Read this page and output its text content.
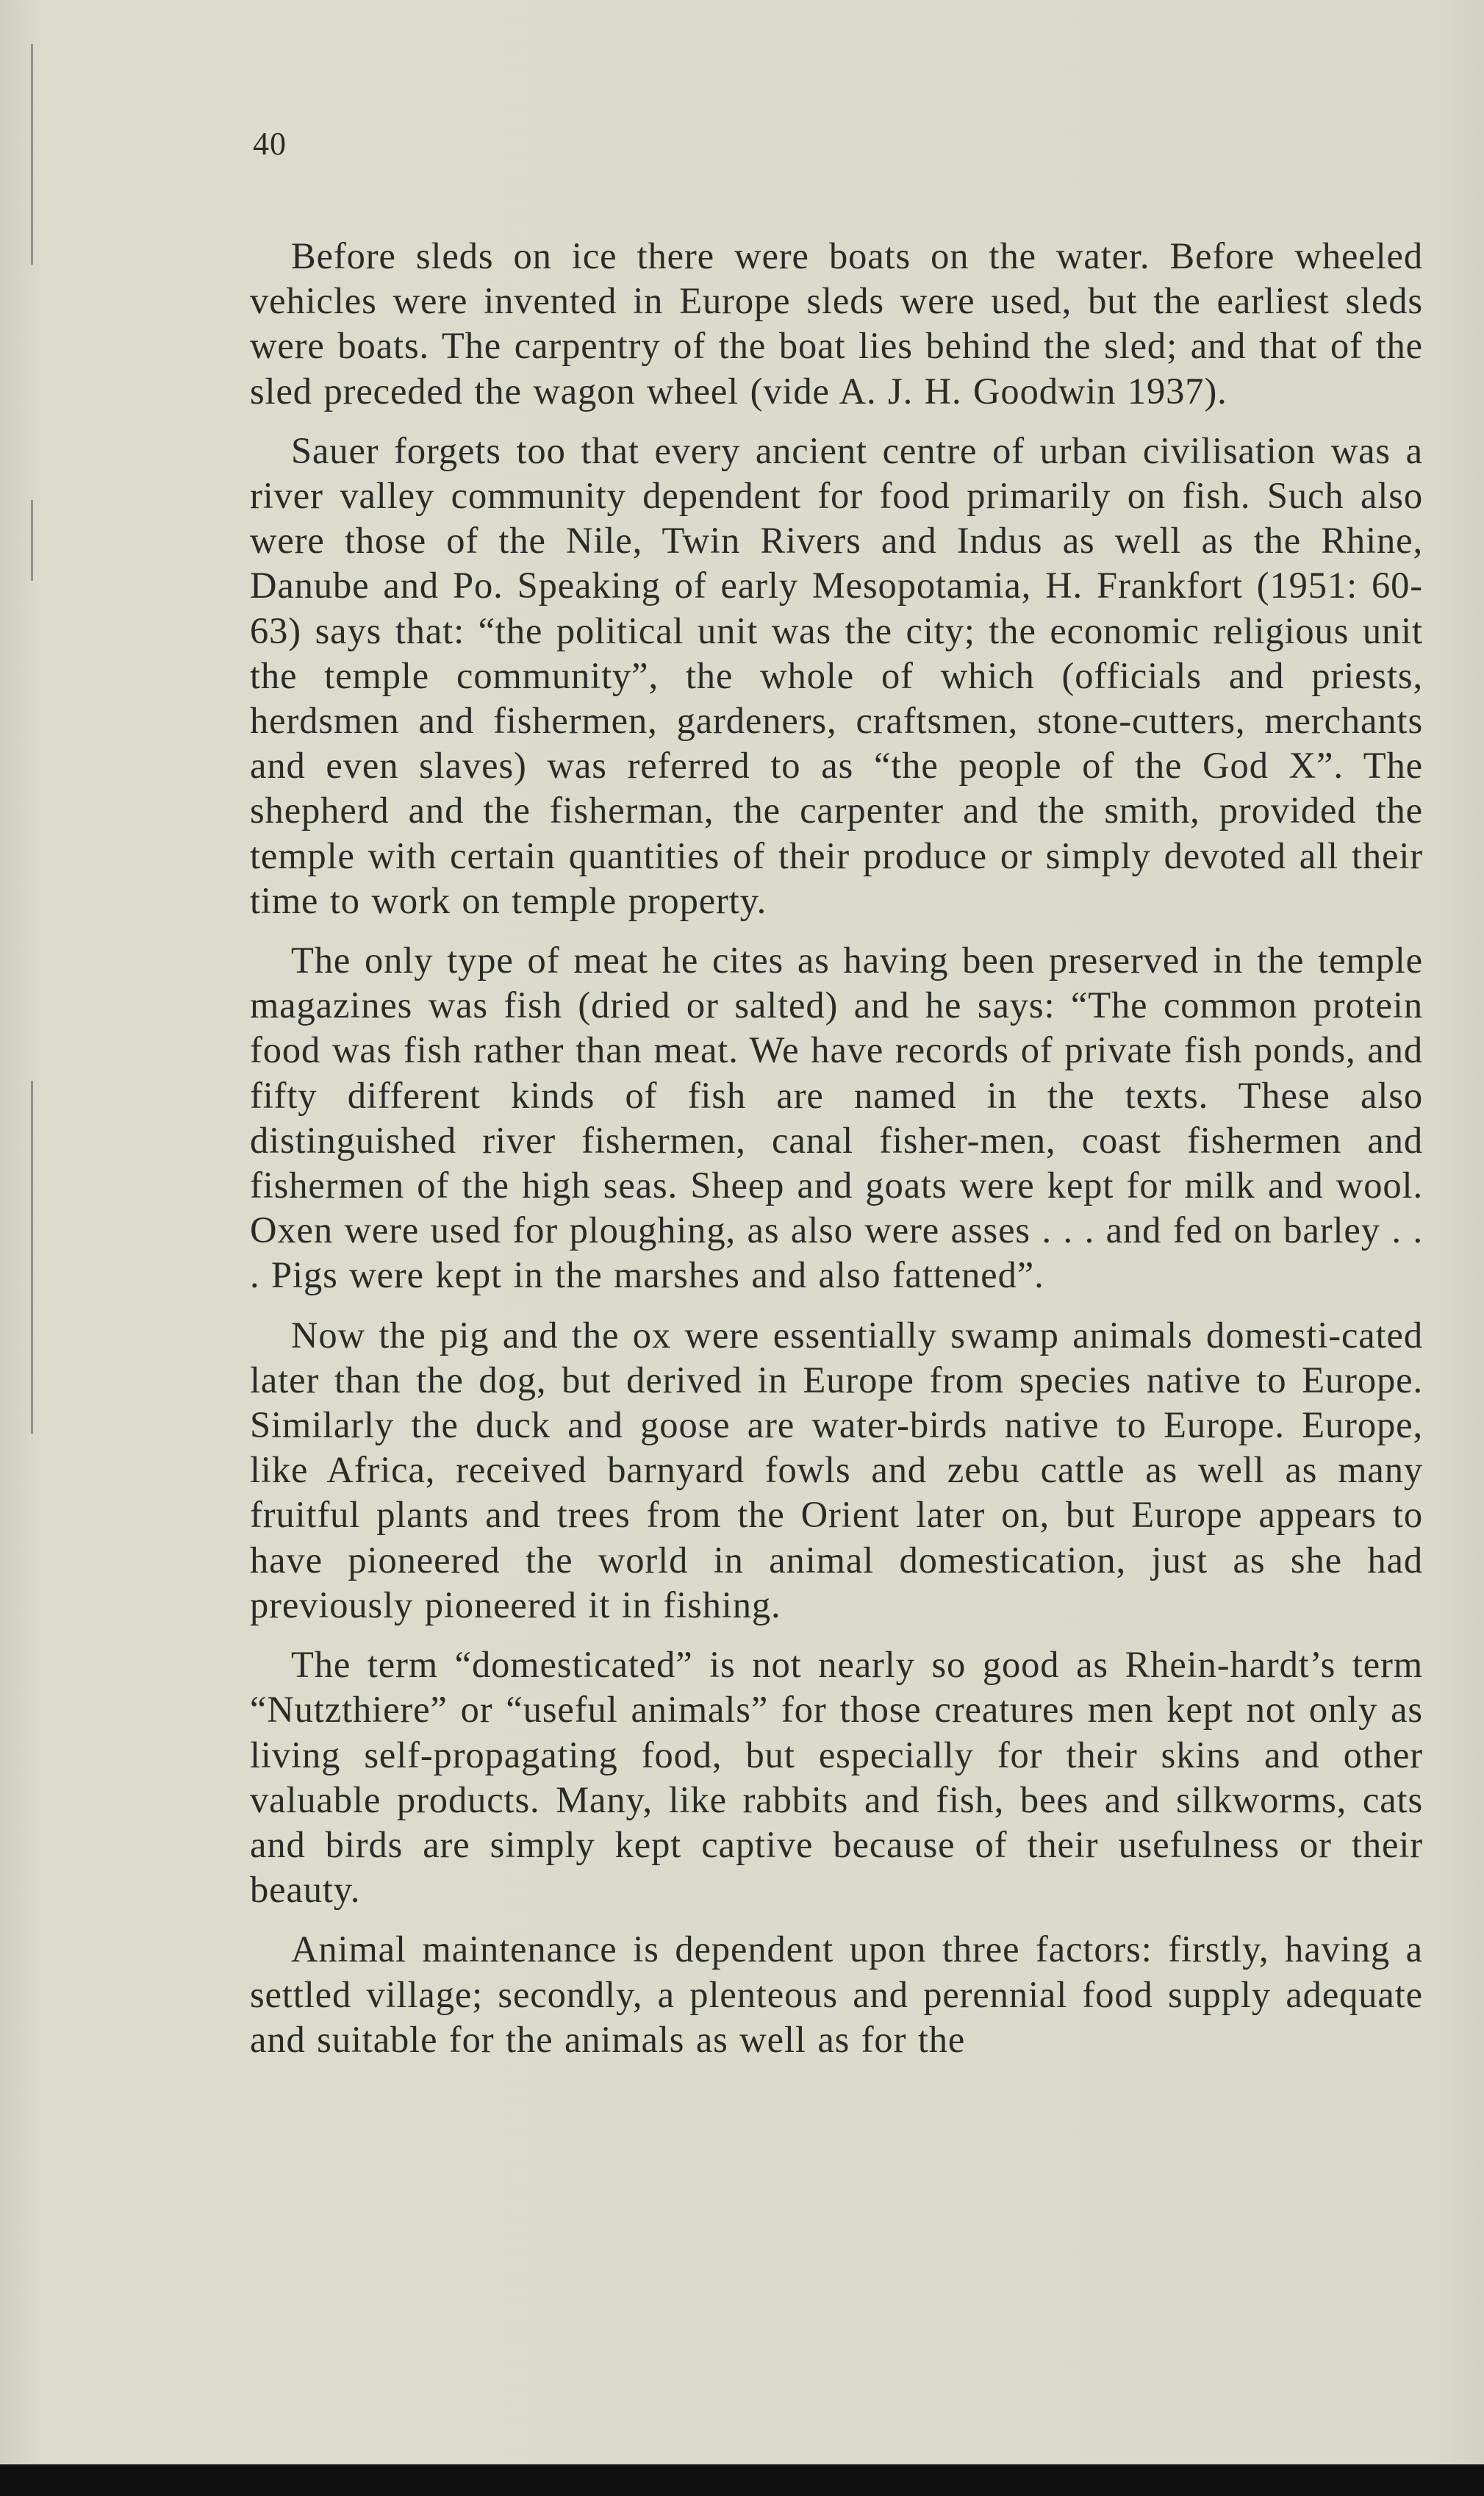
40

Before sleds on ice there were boats on the water. Before wheeled vehicles were invented in Europe sleds were used, but the earliest sleds were boats. The carpentry of the boat lies behind the sled; and that of the sled preceded the wagon wheel (vide A. J. H. Goodwin 1937).

Sauer forgets too that every ancient centre of urban civilisation was a river valley community dependent for food primarily on fish. Such also were those of the Nile, Twin Rivers and Indus as well as the Rhine, Danube and Po. Speaking of early Mesopotamia, H. Frankfort (1951: 60-63) says that: “the political unit was the city; the economic religious unit the temple community”, the whole of which (officials and priests, herdsmen and fishermen, gardeners, craftsmen, stone-cutters, merchants and even slaves) was referred to as “the people of the God X”. The shepherd and the fisherman, the carpenter and the smith, provided the temple with certain quantities of their produce or simply devoted all their time to work on temple property.

The only type of meat he cites as having been preserved in the temple magazines was fish (dried or salted) and he says: “The common protein food was fish rather than meat. We have records of private fish ponds, and fifty different kinds of fish are named in the texts. These also distinguished river fishermen, canal fisher-men, coast fishermen and fishermen of the high seas. Sheep and goats were kept for milk and wool. Oxen were used for ploughing, as also were asses . . . and fed on barley . . . Pigs were kept in the marshes and also fattened”.

Now the pig and the ox were essentially swamp animals domesti-cated later than the dog, but derived in Europe from species native to Europe. Similarly the duck and goose are water-birds native to Europe. Europe, like Africa, received barnyard fowls and zebu cattle as well as many fruitful plants and trees from the Orient later on, but Europe appears to have pioneered the world in animal domestication, just as she had previously pioneered it in fishing.

The term “domesticated” is not nearly so good as Rhein-hardt’s term “Nutzthiere” or “useful animals” for those creatures men kept not only as living self-propagating food, but especially for their skins and other valuable products. Many, like rabbits and fish, bees and silkworms, cats and birds are simply kept captive because of their usefulness or their beauty.

Animal maintenance is dependent upon three factors: firstly, having a settled village; secondly, a plenteous and perennial food supply adequate and suitable for the animals as well as for the
